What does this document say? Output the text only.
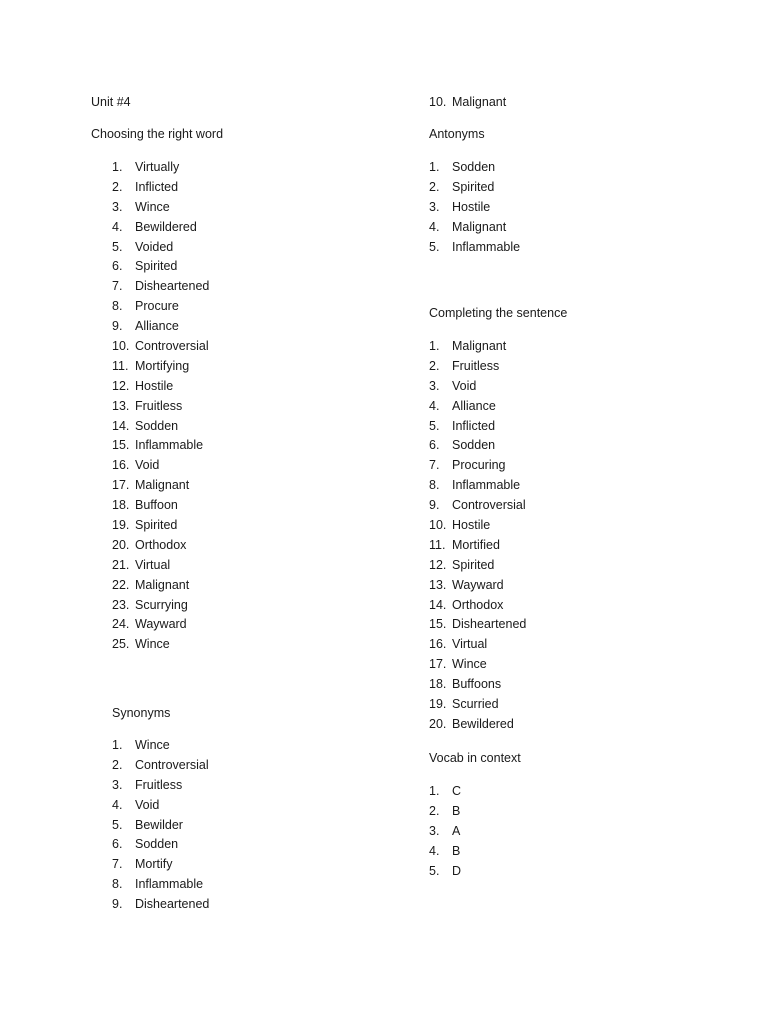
Unit #4
Choosing the right word
1. Virtually
2. Inflicted
3. Wince
4. Bewildered
5. Voided
6. Spirited
7. Disheartened
8. Procure
9. Alliance
10. Controversial
11. Mortifying
12. Hostile
13. Fruitless
14. Sodden
15. Inflammable
16. Void
17. Malignant
18. Buffoon
19. Spirited
20. Orthodox
21. Virtual
22. Malignant
23. Scurrying
24. Wayward
25. Wince
Synonyms
1. Wince
2. Controversial
3. Fruitless
4. Void
5. Bewilder
6. Sodden
7. Mortify
8. Inflammable
9. Disheartened
10. Malignant
Antonyms
1. Sodden
2. Spirited
3. Hostile
4. Malignant
5. Inflammable
Completing the sentence
1. Malignant
2. Fruitless
3. Void
4. Alliance
5. Inflicted
6. Sodden
7. Procuring
8. Inflammable
9. Controversial
10. Hostile
11. Mortified
12. Spirited
13. Wayward
14. Orthodox
15. Disheartened
16. Virtual
17. Wince
18. Buffoons
19. Scurried
20. Bewildered
Vocab in context
1. C
2. B
3. A
4. B
5. D
